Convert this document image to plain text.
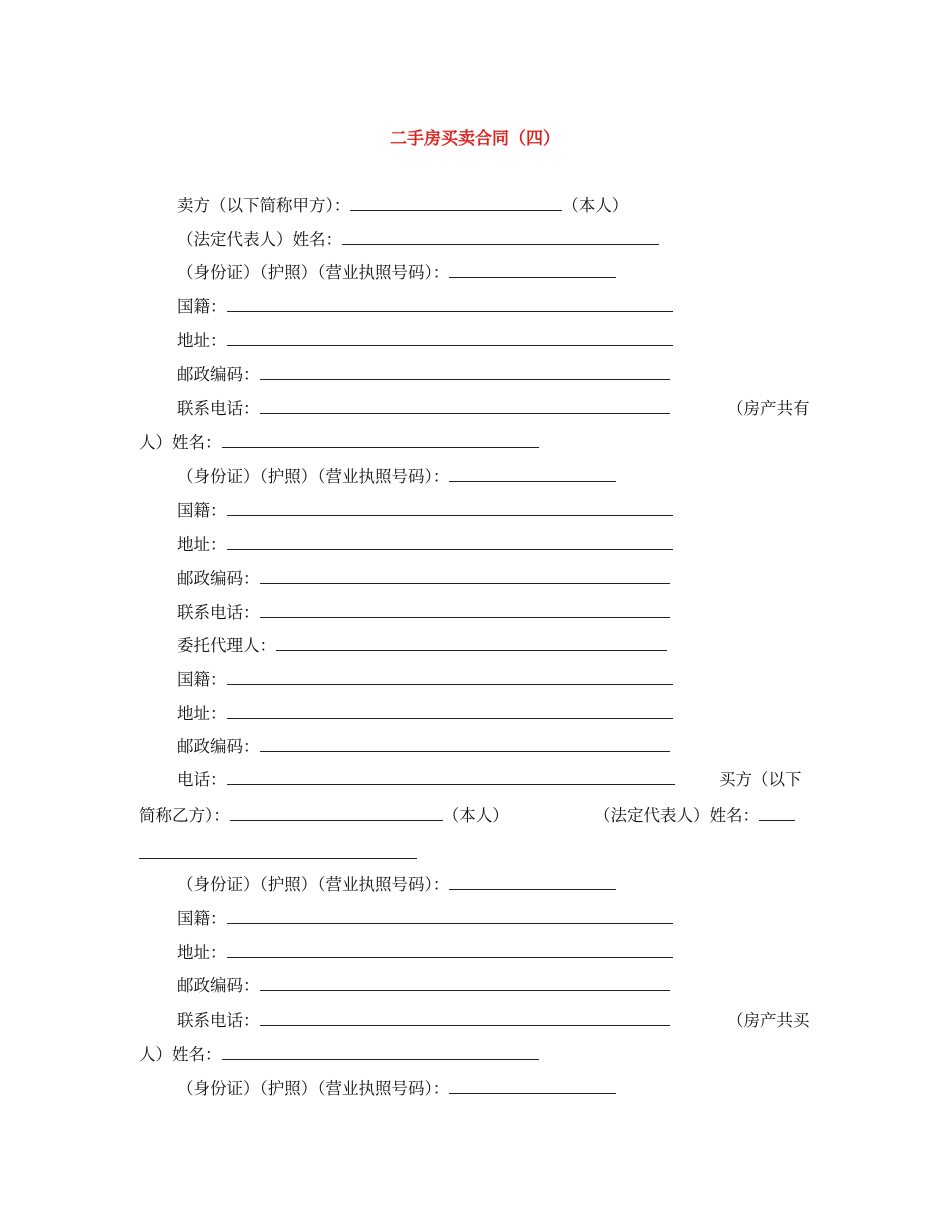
二手房买卖合同（四）
卖方（以下简称甲方）：	（本人）
（法定代表人）姓名：
（身份证）（护照）（营业执照号码）：
国籍：
地址：
邮政编码：
联系电话：	（房产共有
人）姓名：
（身份证）（护照）（营业执照号码）：
国籍：
地址：
邮政编码：
联系电话：
委托代理人：
国籍：
地址：
邮政编码：
电话：	买方（以下
简称乙方）：	（本人）	（法定代表人）姓名：
（身份证）（护照）（营业执照号码）：
国籍：
地址：
邮政编码：
联系电话：	（房产共买
人）姓名：
（身份证）（护照）（营业执照号码）：
